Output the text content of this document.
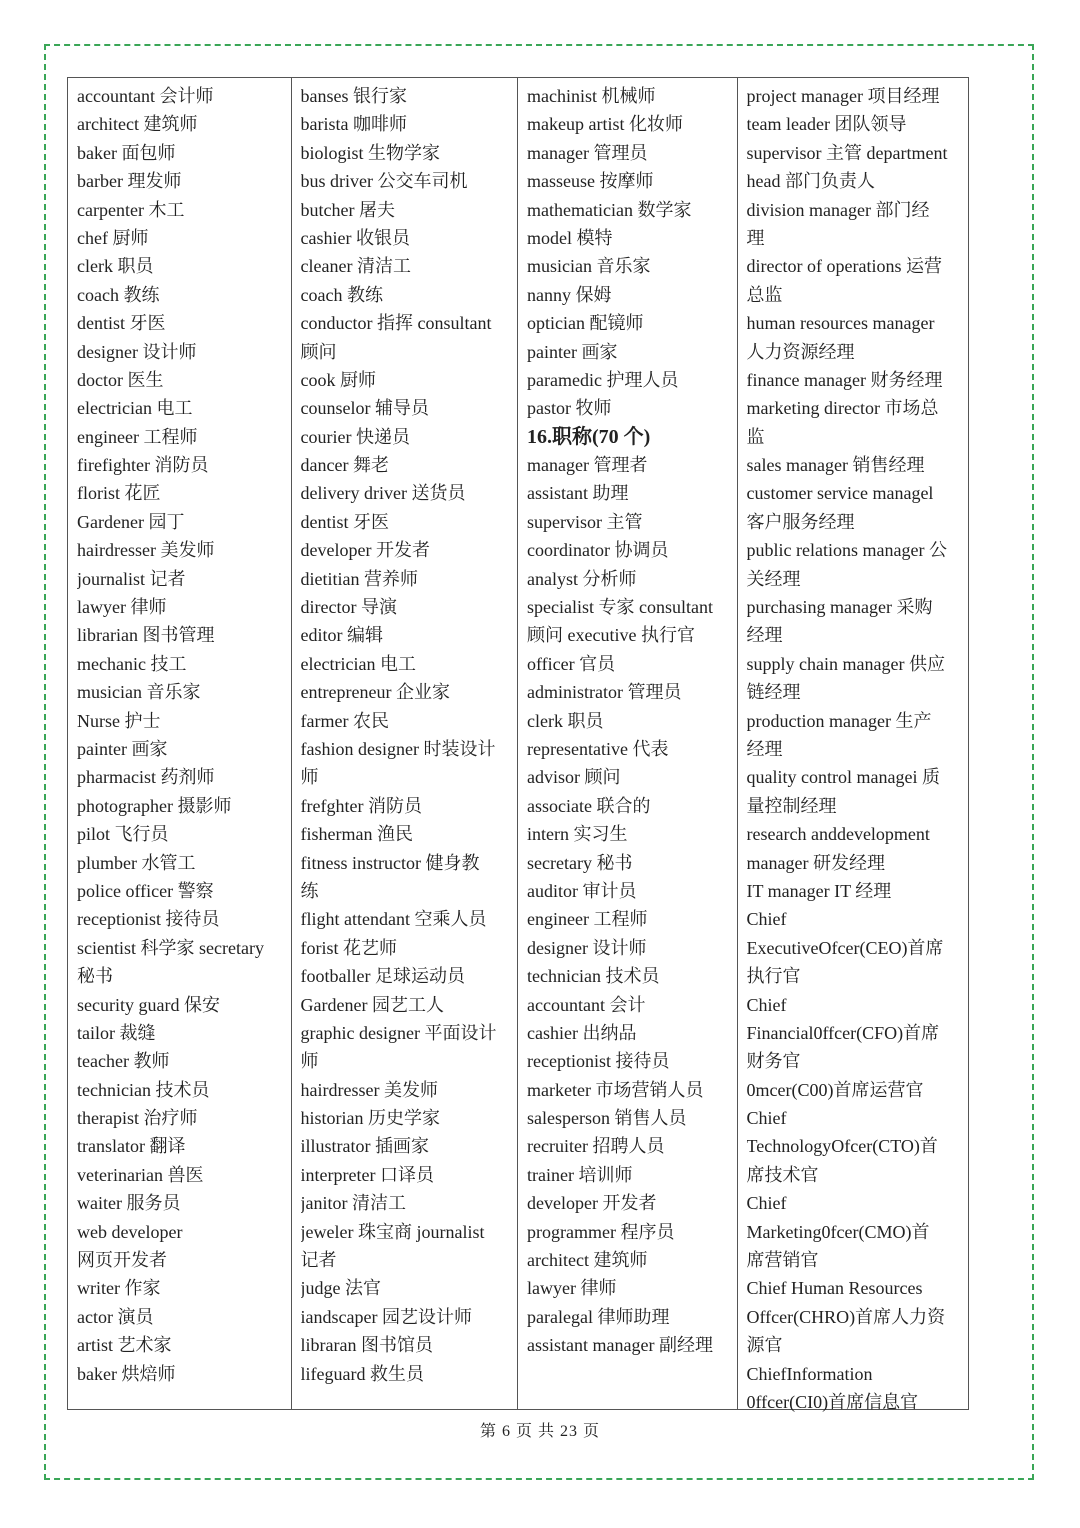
accountant 会计师
architect 建筑师
baker 面包师
barber 理发师
carpenter 木工
chef 厨师
clerk 职员
coach 教练
dentist 牙医
designer 设计师
doctor 医生
electrician 电工
engineer 工程师
firefighter 消防员
florist 花匠
Gardener 园丁
hairdresser 美发师
journalist 记者
lawyer 律师
librarian 图书管理
mechanic 技工
musician 音乐家
Nurse 护士
painter 画家
pharmacist 药剂师
photographer 摄影师
pilot 飞行员
plumber 水管工
police officer 警察
receptionist 接待员
scientist 科学家 secretary
秘书
security guard 保安
tailor 裁缝
teacher 教师
technician 技术员
therapist 治疗师
translator 翻译
veterinarian 兽医
waiter 服务员
web developer
网页开发者
writer 作家
actor 演员
artist 艺术家
baker 烘焙师
banses 银行家
barista 咖啡师
biologist 生物学家
bus driver 公交车司机
butcher 屠夫
cashier 收银员
cleaner 清洁工
coach 教练
conductor 指挥 consultant
顾问
cook 厨师
counselor 辅导员
courier 快递员
dancer 舞老
delivery driver 送货员
dentist 牙医
developer 开发者
dietitian 营养师
director 导演
editor 编辑
electrician 电工
entrepreneur 企业家
farmer 农民
fashion designer 时装设计
师
frefghter 消防员
fisherman 渔民
fitness instructor 健身教
练
flight attendant 空乘人员
forist 花艺师
footballer 足球运动员
Gardener 园艺工人
graphic designer 平面设计
师
hairdresser 美发师
historian 历史学家
illustrator 插画家
interpreter 口译员
janitor 清洁工
jeweler 珠宝商 journalist
记者
judge 法官
iandscaper 园艺设计师
libraran 图书馆员
lifeguard 救生员
machinist 机械师
makeup artist 化妆师
manager 管理员
masseuse 按摩师
mathematician 数学家
model 模特
musician 音乐家
nanny 保姆
optician 配镜师
painter 画家
paramedic 护理人员
pastor 牧师
16.职称(70 个)
manager 管理者
assistant 助理
supervisor 主管
coordinator 协调员
analyst 分析师
specialist 专家 consultant
顾问 executive 执行官
officer 官员
administrator 管理员
clerk 职员
representative 代表
advisor 顾问
associate 联合的
intern 实习生
secretary 秘书
auditor 审计员
engineer 工程师
designer 设计师
technician 技术员
accountant 会计
cashier 出纳品
receptionist 接待员
marketer 市场营销人员
salesperson 销售人员
recruiter 招聘人员
trainer 培训师
developer 开发者
programmer 程序员
architect 建筑师
lawyer 律师
paralegal 律师助理
assistant manager 副经理
project manager 项目经理
team leader 团队领导
supervisor 主管 department
head 部门负责人
division manager 部门经
理
director of operations 运营
总监
human resources manager
人力资源经理
finance manager 财务经理
marketing director 市场总
监
sales manager 销售经理
customer service managel
客户服务经理
public relations manager 公
关经理
purchasing manager 采购
经理
supply chain manager 供应
链经理
production manager 生产
经理
quality control managei 质
量控制经理
research anddevelopment
manager 研发经理
IT manager IT 经理
Chief
ExecutiveOfcer(CEO)首席
执行官
Chief
Financial0ffcer(CFO)首席
财务官
0mcer(C00)首席运营官
Chief
TechnologyOfcer(CTO)首
席技术官
Chief
Marketing0fcer(CMO)首
席营销官
Chief Human Resources
Offcer(CHRO)首席人力资
源官
ChiefInformation
0ffcer(CI0)首席信息官
第 6 页 共 23 页
